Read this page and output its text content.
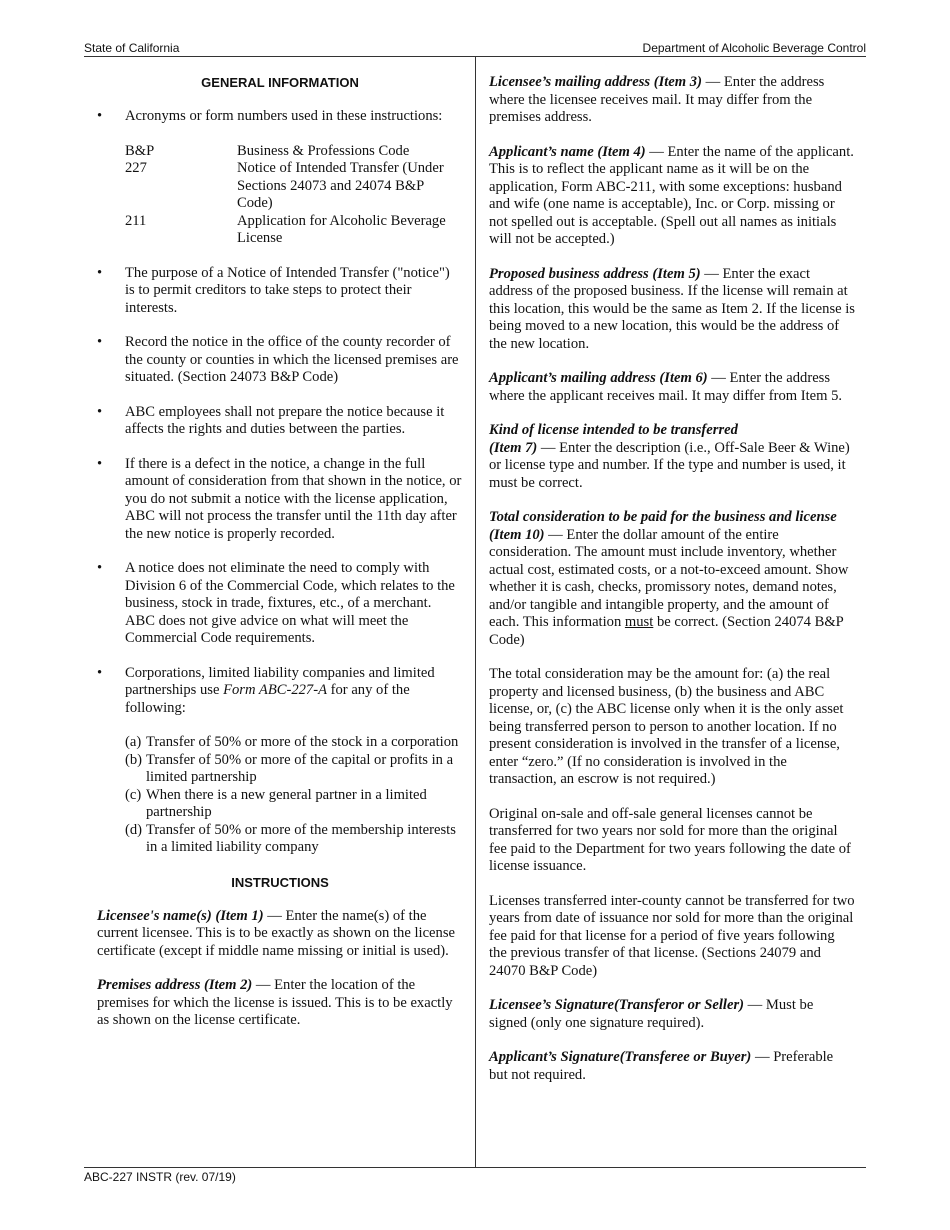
State of California	Department of Alcoholic Beverage Control
ABC-227 INSTR (rev. 07/19)

GENERAL INFORMATION

• Acronyms or form numbers used in these instructions:

B&P	Business & Professions Code
227	Notice of Intended Transfer (Under Sections 24073 and 24074 B&P Code)
211	Application for Alcoholic Beverage License
• The purpose of a Notice of Intended Transfer ("notice") is to permit creditors to take steps to protect their interests.

• Record the notice in the office of the county recorder of the county or counties in which the licensed premises are situated. (Section 24073 B&P Code)

• ABC employees shall not prepare the notice because it affects the rights and duties between the parties.

• If there is a defect in the notice, a change in the full amount of consideration from that shown in the notice, or you do not submit a notice with the license application, ABC will not process the transfer until the 11th day after the new notice is properly recorded.

• A notice does not eliminate the need to comply with Division 6 of the Commercial Code, which relates to the business, stock in trade, fixtures, etc., of a merchant. ABC does not give advice on what will meet the Commercial Code requirements.

• Corporations, limited liability companies and limited partnerships use Form ABC-227-A for any of the following:

(a) Transfer of 50% or more of the stock in a corporation
(b) Transfer of 50% or more of the capital or profits in a limited partnership
(c) When there is a new general partner in a limited partnership
(d) Transfer of 50% or more of the membership interests in a limited liability company

INSTRUCTIONS

Licensee's name(s) (Item 1) — Enter the name(s) of the current licensee. This is to be exactly as shown on the license certificate (except if middle name missing or initial is used).

Premises address (Item 2) — Enter the location of the premises for which the license is issued. This is to be exactly as shown on the license certificate.

Licensee’s mailing address (Item 3) — Enter the address where the licensee receives mail. It may differ from the premises address.

Applicant’s name (Item 4) — Enter the name of the applicant. This is to reflect the applicant name as it will be on the application, Form ABC-211, with some exceptions: husband and wife (one name is acceptable), Inc. or Corp. missing or not spelled out is acceptable. (Spell out all names as initials will not be accepted.)

Proposed business address (Item 5) — Enter the exact address of the proposed business. If the license will remain at this location, this would be the same as Item 2. If the license is being moved to a new location, this would be the address of the new location.

Applicant’s mailing address (Item 6) — Enter the address where the applicant receives mail. It may differ from Item 5.

Kind of license intended to be transferred
(Item 7) — Enter the description (i.e., Off-Sale Beer & Wine) or license type and number. If the type and number is used, it must be correct.

Total consideration to be paid for the business and license (Item 10) — Enter the dollar amount of the entire consideration. The amount must include inventory, whether actual cost, estimated costs, or a not-to-exceed amount. Show whether it is cash, checks, promissory notes, demand notes, and/or tangible and intangible property, and the amount of each. This information must be correct. (Section 24074 B&P Code)

The total consideration may be the amount for: (a) the real property and licensed business, (b) the business and ABC license, or, (c) the ABC license only when it is the only asset being transferred person to person to another location. If no present consideration is involved in the transfer of a license, enter “zero.” (If no consideration is involved in the transaction, an escrow is not required.)

Original on-sale and off-sale general licenses cannot be transferred for two years nor sold for more than the original fee paid to the Department for two years following the date of license issuance.

Licenses transferred inter-county cannot be transferred for two years from date of issuance nor sold for more than the original fee paid for that license for a period of five years following the previous transfer of that license. (Sections 24079 and 24070 B&P Code)

Licensee’s Signature(Transferor or Seller) — Must be signed (only one signature required).

Applicant’s Signature(Transferee or Buyer) — Preferable but not required.
